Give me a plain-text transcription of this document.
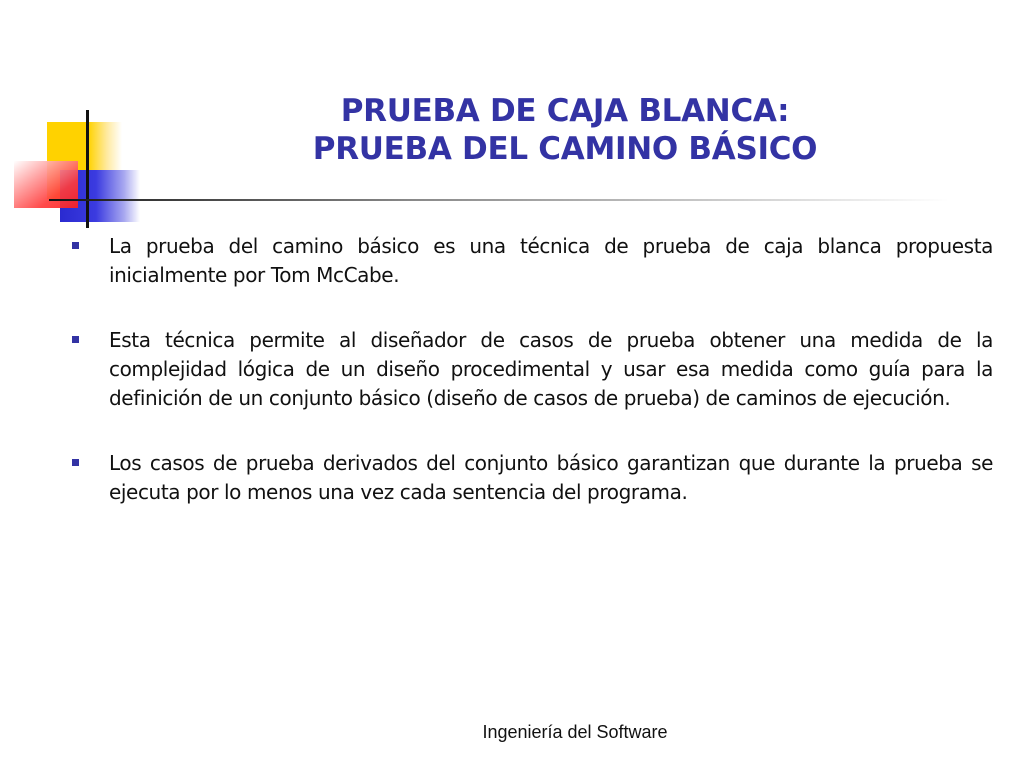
PRUEBA DE CAJA BLANCA:
PRUEBA DEL CAMINO BÁSICO
La prueba del camino básico es una técnica de prueba de caja blanca propuesta inicialmente por Tom McCabe.
Esta técnica permite al diseñador de casos de prueba obtener una medida de la complejidad lógica de un diseño procedimental y usar esa medida como guía para la definición de un conjunto básico (diseño de casos de prueba) de caminos de ejecución.
Los casos de prueba derivados del conjunto básico garantizan que durante la prueba se ejecuta por lo menos una vez cada sentencia del programa.
Ingeniería del Software
